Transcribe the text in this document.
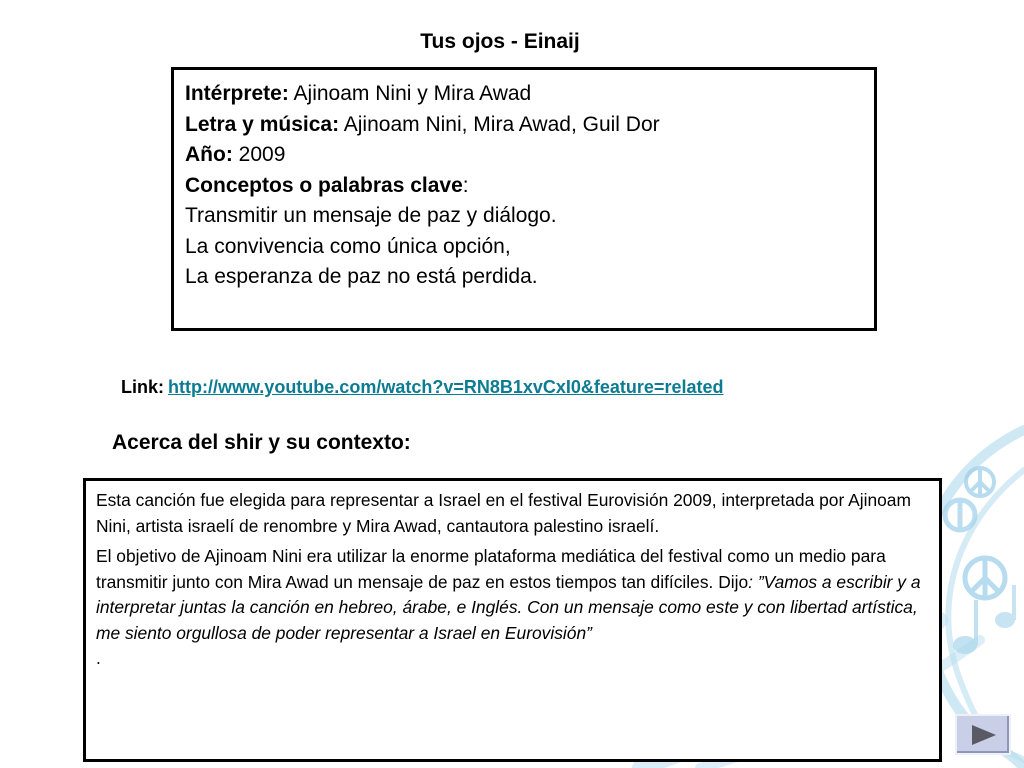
Tus ojos - Einaij
Intérprete: Ajinoam Nini y Mira Awad
Letra y música: Ajinoam Nini, Mira Awad, Guil Dor
Año: 2009
Conceptos o palabras clave:
Transmitir un mensaje de paz y diálogo.
La convivencia como única opción,
La esperanza de paz no está perdida.
Link: http://www.youtube.com/watch?v=RN8B1xvCxI0&feature=related
Acerca del shir y su contexto:

Esta canción fue elegida para representar a Israel en el festival Eurovisión 2009, interpretada por Ajinoam Nini, artista israelí de renombre y Mira Awad, cantautora palestino israelí.

El objetivo de Ajinoam Nini era utilizar la enorme plataforma mediática del festival como un medio para transmitir junto con Mira Awad un mensaje de paz en estos tiempos tan difíciles. Dijo: ”Vamos a escribir y a interpretar juntas la canción en hebreo, árabe, e Inglés. Con un mensaje como este y con libertad artística, me siento orgullosa de poder representar a Israel en Eurovisión”

.
